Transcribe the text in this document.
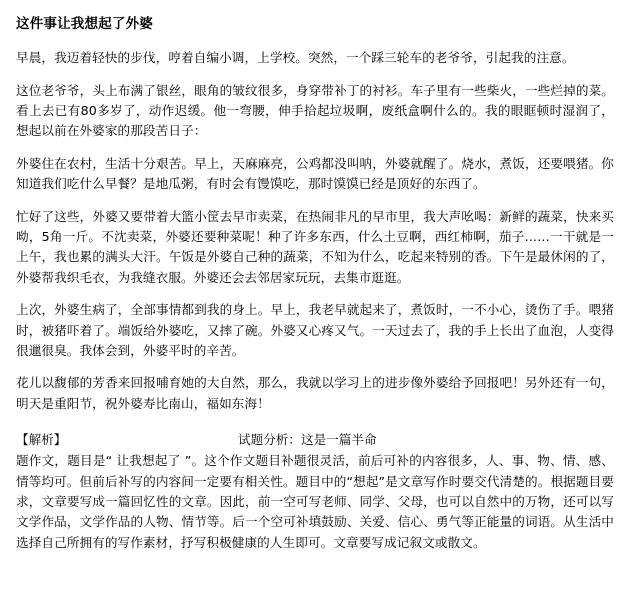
这件事让我想起了外婆

早晨，我迈着轻快的步伐，哼着自编小调，上学校。突然，一个踩三轮车的老爷爷，引起我的注意。

这位老爷爷，头上布满了银丝，眼角的皱纹很多，身穿带补丁的衬衫。车子里有一些柴火，一些烂掉的菜。看上去已有80多岁了，动作迟缓。他一弯腰，伸手拾起垃圾啊，废纸盒啊什么的。我的眼眶顿时湿润了，想起以前在外婆家的那段苦日子：

外婆住在农村，生活十分艰苦。早上，天麻麻亮，公鸡都没叫呐，外婆就醒了。烧水，煮饭，还要喂猪。你知道我们吃什么早餐？是地瓜粥，有时会有馒馍吃，那时馍馍已经是顶好的东西了。

忙好了这些，外婆又要带着大篮小筐去早市卖菜，在热闹非凡的早市里，我大声吆喝：新鲜的蔬菜，快来买呦，5角一斤。不沈卖菜，外婆还要种菜呢！种了许多东西，什么土豆啊，西红柿啊，茄子……一干就是一上午，我也累的满头大汗。午饭是外婆自己种的蔬菜，不知为什么，吃起来特别的香。下午是最休闲的了，外婆帮我织毛衣，为我缝衣服。外婆还会去邻居家玩玩，去集市逛逛。

上次，外婆生病了，全部事情都到我的身上。早上，我老早就起来了，煮饭时，一不小心，烫伤了手。喂猪时，被猪吓着了。端饭给外婆吃，又摔了碗。外婆又心疼又气。一天过去了，我的手上长出了血泡，人变得很邋很臭。我体会到，外婆平时的辛苦。

花儿以馥郁的芳香来回报哺育她的大自然，那么，我就以学习上的进步像外婆给予回报吧！另外还有一句，明天是重阳节，祝外婆寿比南山，福如东海！

【解析】	试题分析：这是一篇半命

题作文，题目是“ 让我想起了 ”。这个作文题目补题很灵活，前后可补的内容很多，人、事、物、情、感、情等均可。但前后补写的内容间一定要有相关性。题目中的“想起”是文章写作时要交代清楚的。根据题目要求，文章要写成一篇回忆性的文章。因此，前一空可写老师、同学、父母，也可以自然中的万物，还可以写文学作品，文学作品的人物、情节等。后一个空可补填鼓励、关爱、信心、勇气等正能量的词语。从生活中选择自己所拥有的写作素材，抒写积极健康的人生即可。文章要写成记叙文或散文。
